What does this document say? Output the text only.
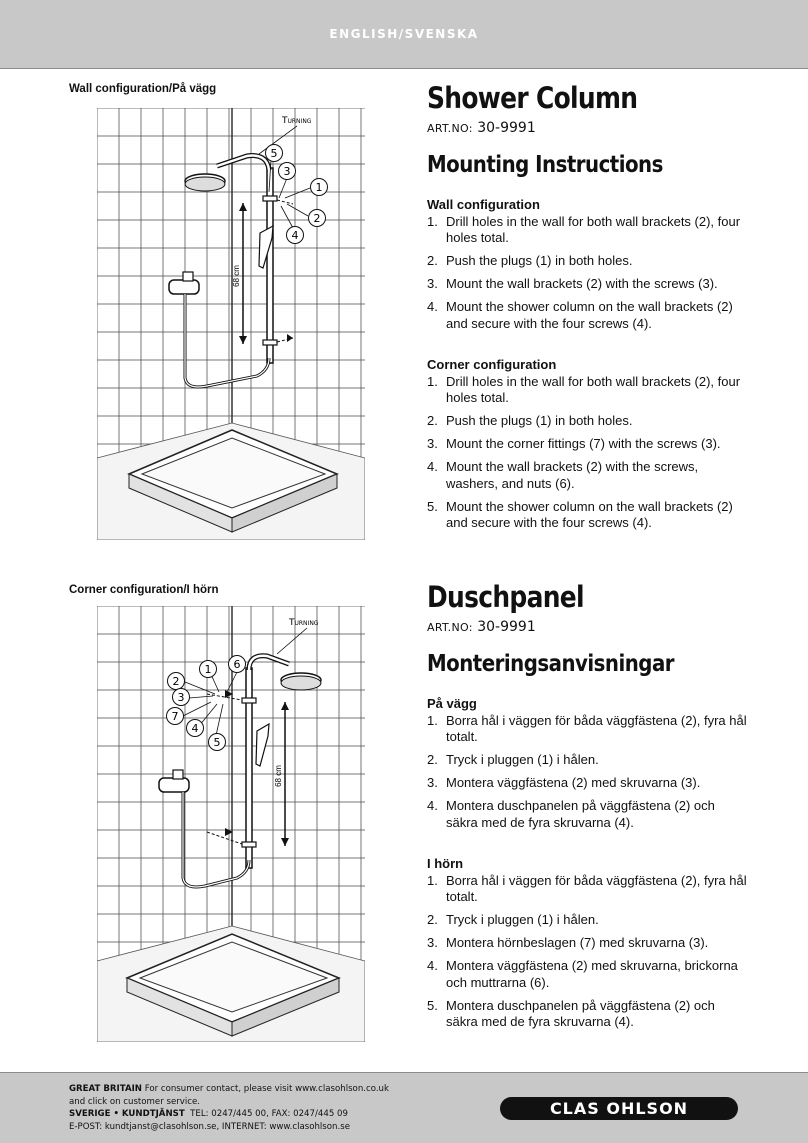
ENGLISH/SVENSKA
Wall configuration/På vägg
68 cm
Turning
5
3
1
2
4
Corner configuration/I hörn
68 cm
Turning
2
1 6
3
7
4
5
Shower Column
ART.NO: 30-9991
Mounting Instructions

Wall configuration

1. Drill holes in the wall for both wall brackets (2), four holes total.
2. Push the plugs (1) in both holes.
3. Mount the wall brackets (2) with the screws (3).
4. Mount the shower column on the wall brackets (2) and secure with the four screws (4).

Corner configuration

1. Drill holes in the wall for both wall brackets (2), four holes total.
2. Push the plugs (1) in both holes.
3. Mount the corner fittings (7) with the screws (3).
4. Mount the wall brackets (2) with the screws, washers, and nuts (6).
5. Mount the shower column on the wall brackets (2) and secure with the four screws (4).
Duschpanel
ART.NO: 30-9991
Monteringsanvisningar

På vägg

1. Borra hål i väggen för båda väggfästena (2), fyra hål totalt.
2. Tryck i pluggen (1) i hålen.
3. Montera väggfästena (2) med skruvarna (3).
4. Montera duschpanelen på väggfästena (2) och säkra med de fyra skruvarna (4).

I hörn

1. Borra hål i väggen för båda väggfästena (2), fyra hål totalt.
2. Tryck i pluggen (1) i hålen.
3. Montera hörnbeslagen (7) med skruvarna (3).
4. Montera väggfästena (2) med skruvarna, brickorna och muttrarna (6).
5. Montera duschpanelen på väggfästena (2) och säkra med de fyra skruvarna (4).
GREAT BRITAIN For consumer contact, please visit www.clasohlson.co.uk
and click on customer service.
SVERIGE • KUNDTJÄNST TEL: 0247/445 00, FAX: 0247/445 09
E-POST: kundtjanst@clasohlson.se, INTERNET: www.clasohlson.se
CLAS OHLSON
